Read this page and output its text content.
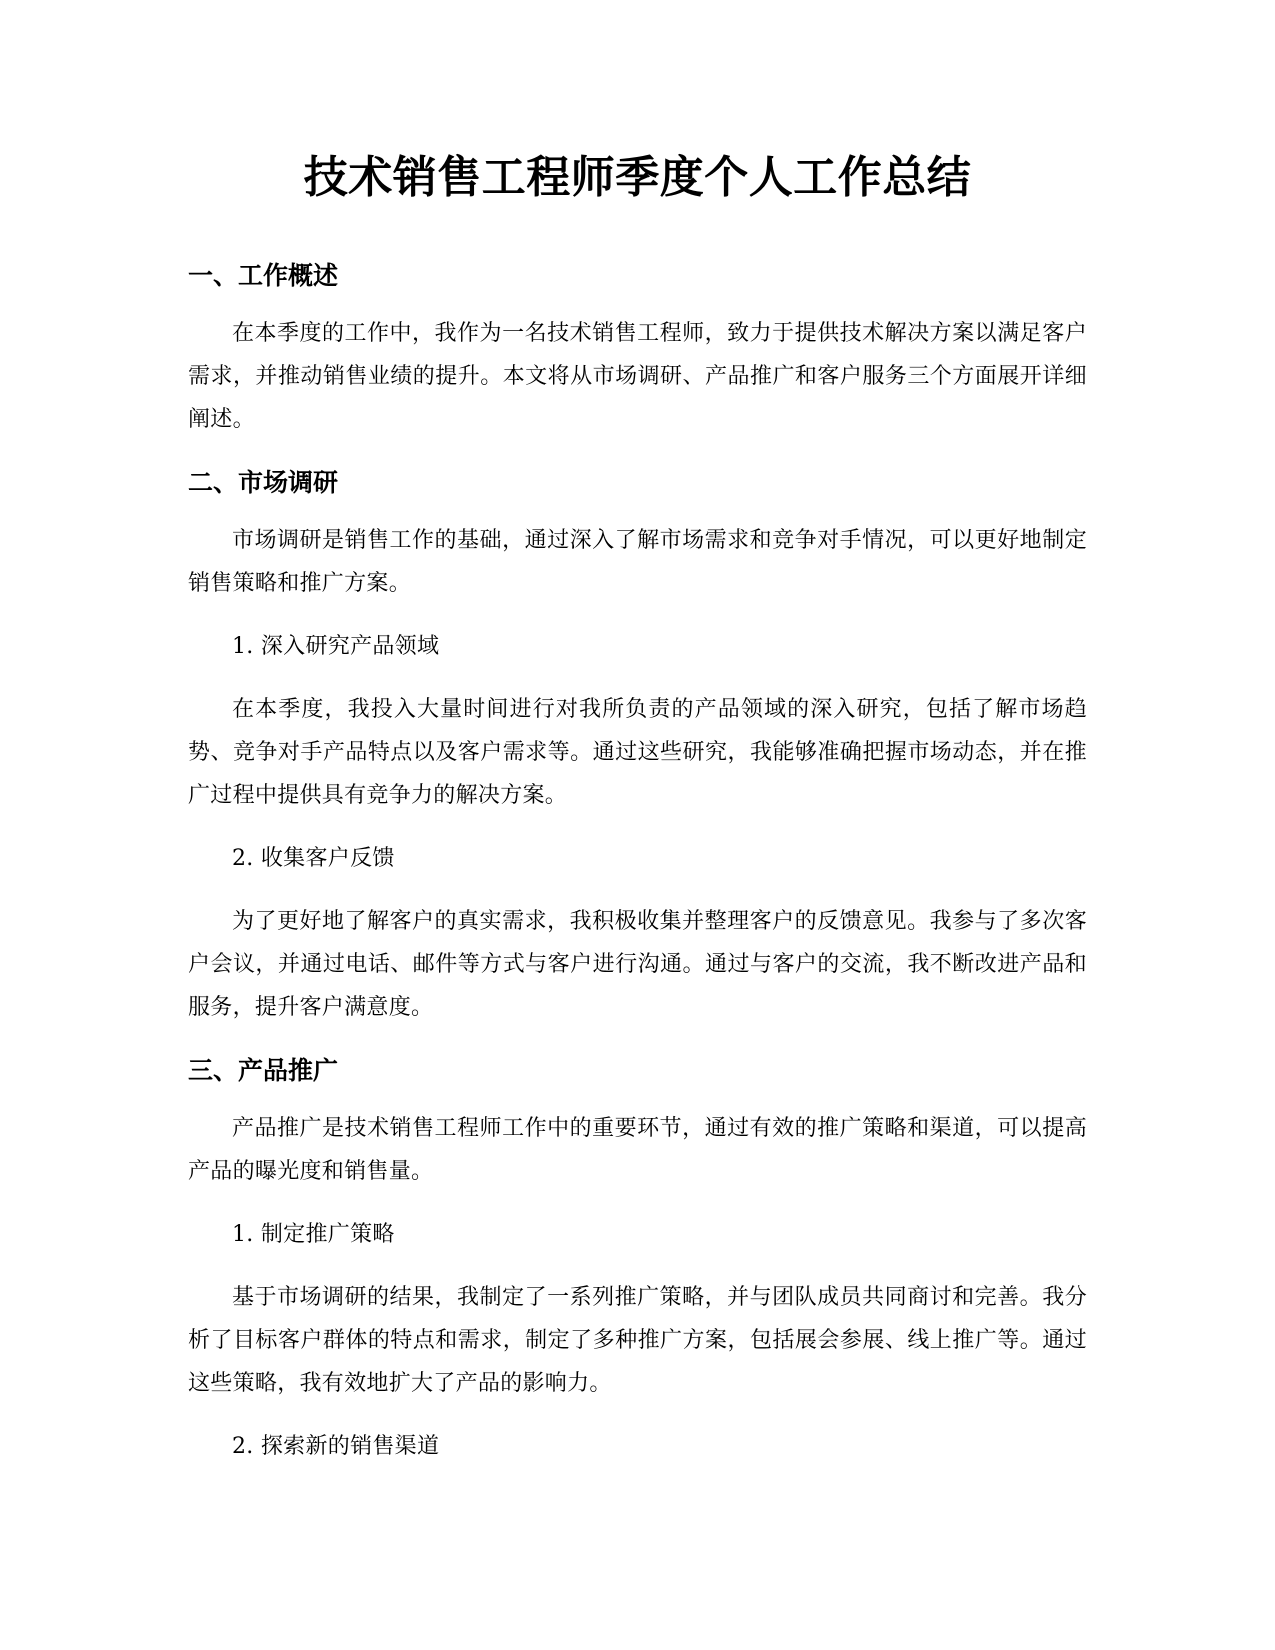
技术销售工程师季度个人工作总结
一、工作概述

在本季度的工作中，我作为一名技术销售工程师，致力于提供技术解决方案以满足客户需求，并推动销售业绩的提升。本文将从市场调研、产品推广和客户服务三个方面展开详细阐述。

二、市场调研

市场调研是销售工作的基础，通过深入了解市场需求和竞争对手情况，可以更好地制定销售策略和推广方案。

1. 深入研究产品领域

在本季度，我投入大量时间进行对我所负责的产品领域的深入研究，包括了解市场趋势、竞争对手产品特点以及客户需求等。通过这些研究，我能够准确把握市场动态，并在推广过程中提供具有竞争力的解决方案。

2. 收集客户反馈

为了更好地了解客户的真实需求，我积极收集并整理客户的反馈意见。我参与了多次客户会议，并通过电话、邮件等方式与客户进行沟通。通过与客户的交流，我不断改进产品和服务，提升客户满意度。

三、产品推广

产品推广是技术销售工程师工作中的重要环节，通过有效的推广策略和渠道，可以提高产品的曝光度和销售量。

1. 制定推广策略

基于市场调研的结果，我制定了一系列推广策略，并与团队成员共同商讨和完善。我分析了目标客户群体的特点和需求，制定了多种推广方案，包括展会参展、线上推广等。通过这些策略，我有效地扩大了产品的影响力。

2. 探索新的销售渠道
